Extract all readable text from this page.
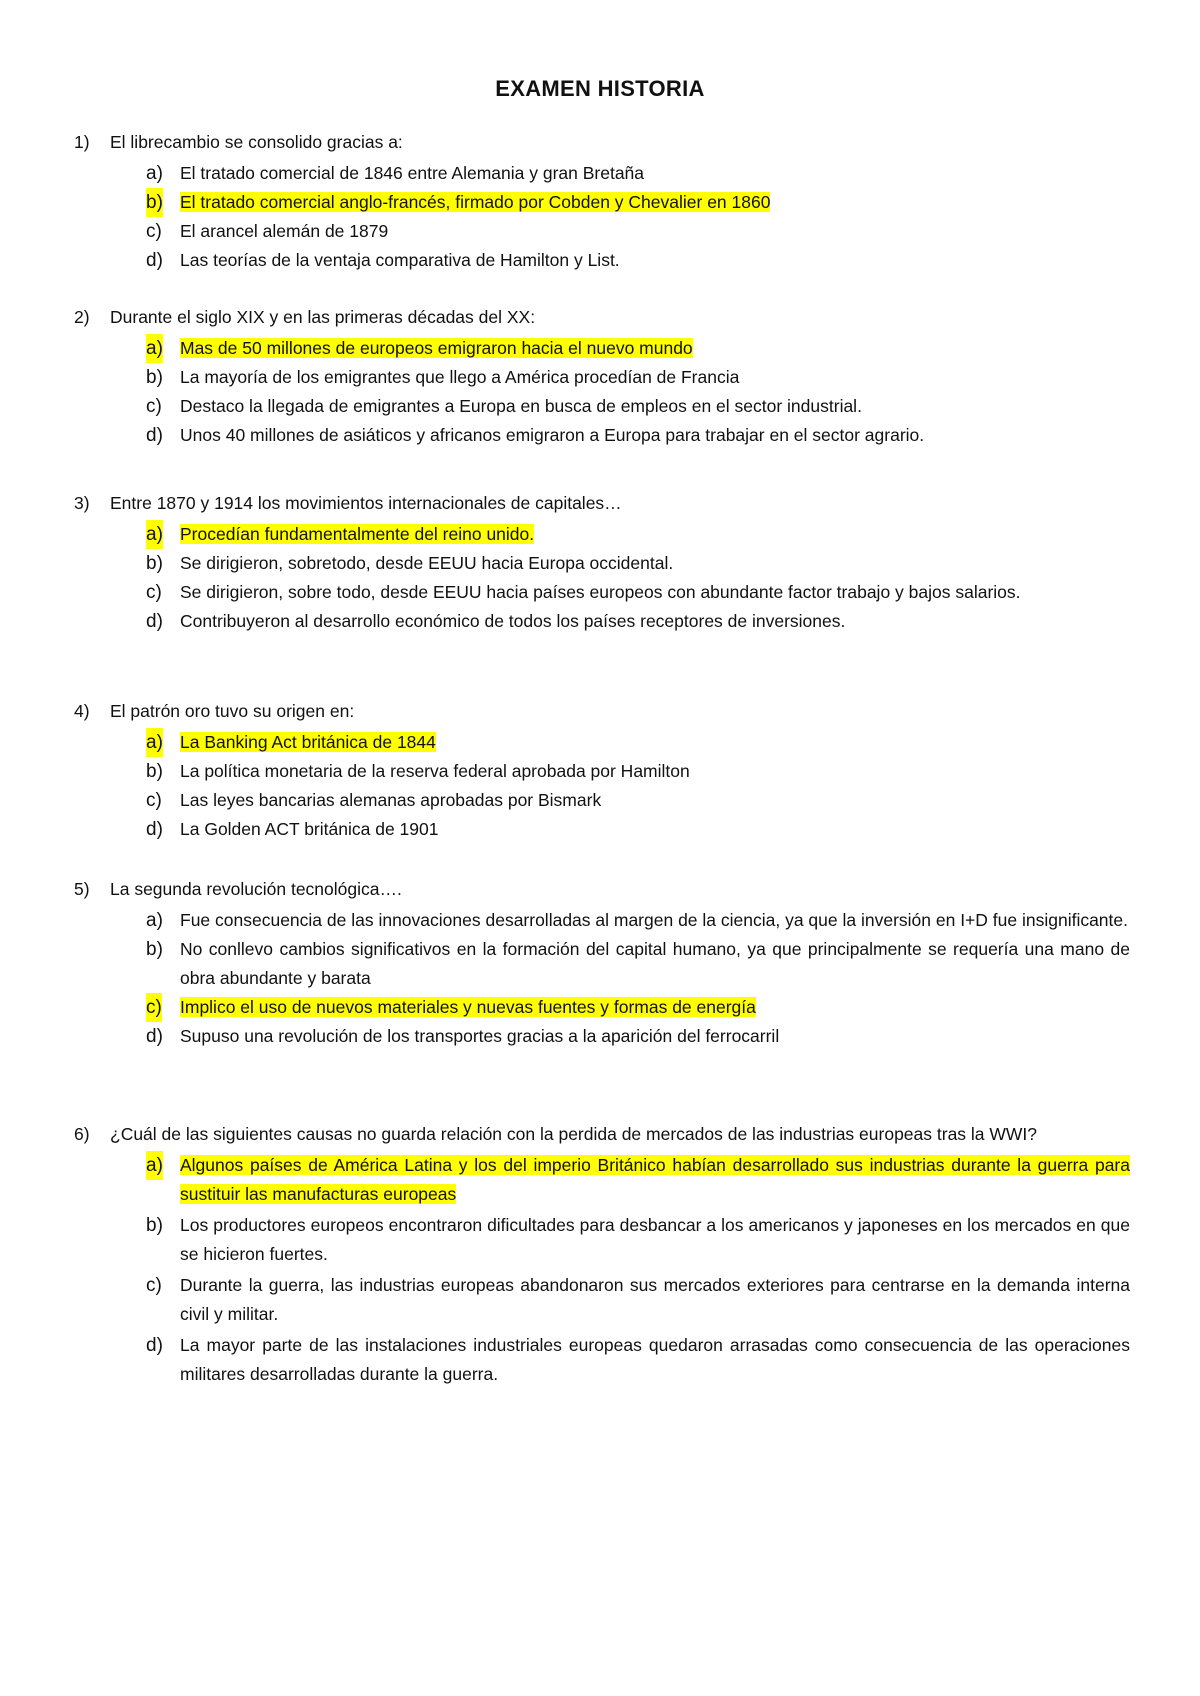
EXAMEN HISTORIA
1) El librecambio se consolido gracias a:
a) El tratado comercial de 1846 entre Alemania y gran Bretaña
b) El tratado comercial anglo-francés, firmado por Cobden y Chevalier en 1860
c) El arancel alemán de 1879
d) Las teorías de la ventaja comparativa de Hamilton y List.
2) Durante el siglo XIX y en las primeras décadas del XX:
a) Mas de 50 millones de europeos emigraron hacia el nuevo mundo
b) La mayoría de los emigrantes que llego a América procedían de Francia
c) Destaco la llegada de emigrantes a Europa en busca de empleos en el sector industrial.
d) Unos 40 millones de asiáticos y africanos emigraron a Europa para trabajar en el sector agrario.
3) Entre 1870 y 1914 los movimientos internacionales de capitales…
a) Procedían fundamentalmente del reino unido.
b) Se dirigieron, sobretodo, desde EEUU hacia Europa occidental.
c) Se dirigieron, sobre todo, desde EEUU hacia países europeos con abundante factor trabajo y bajos salarios.
d) Contribuyeron al desarrollo económico de todos los países receptores de inversiones.
4) El patrón oro tuvo su origen en:
a) La Banking Act británica de 1844
b) La política monetaria de la reserva federal aprobada por Hamilton
c) Las leyes bancarias alemanas aprobadas por Bismark
d) La Golden ACT británica de 1901
5) La segunda revolución tecnológica….
a) Fue consecuencia de las innovaciones desarrolladas al margen de la ciencia, ya que la inversión en I+D fue insignificante.
b) No conllevo cambios significativos en la formación del capital humano, ya que principalmente se requería una mano de obra abundante y barata
c) Implico el uso de nuevos materiales y nuevas fuentes y formas de energía
d) Supuso una revolución de los transportes gracias a la aparición del ferrocarril
6) ¿Cuál de las siguientes causas no guarda relación con la perdida de mercados de las industrias europeas tras la WWI?
a) Algunos países de América Latina y los del imperio Británico habían desarrollado sus industrias durante la guerra para sustituir las manufacturas europeas
b) Los productores europeos encontraron dificultades para desbancar a los americanos y japoneses en los mercados en que se hicieron fuertes.
c) Durante la guerra, las industrias europeas abandonaron sus mercados exteriores para centrarse en la demanda interna civil y militar.
d) La mayor parte de las instalaciones industriales europeas quedaron arrasadas como consecuencia de las operaciones militares desarrolladas durante la guerra.
